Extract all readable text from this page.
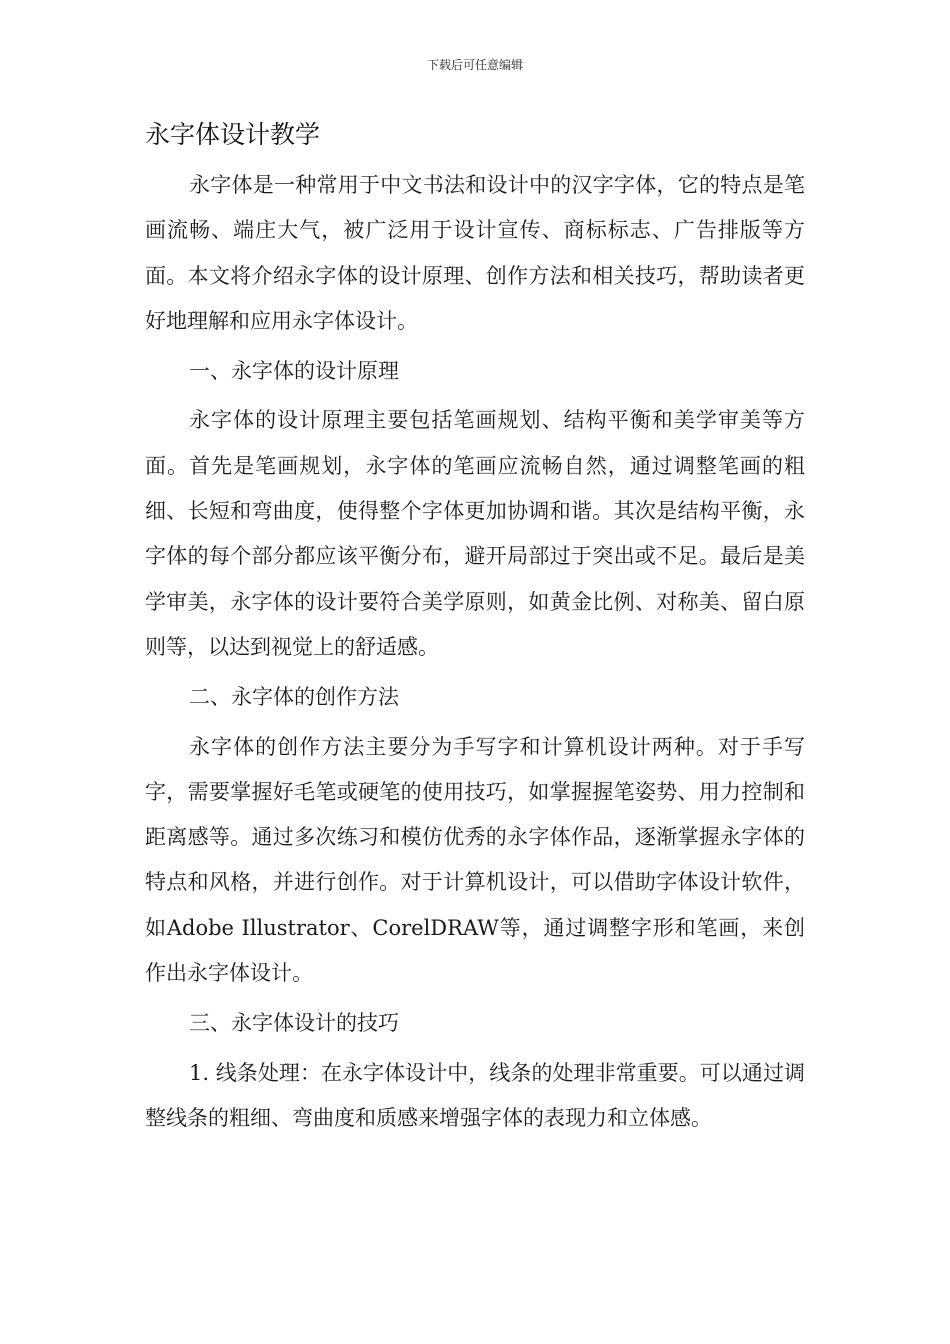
下载后可任意编辑
永字体设计教学

永字体是一种常用于中文书法和设计中的汉字字体，它的特点是笔画流畅、端庄大气，被广泛用于设计宣传、商标标志、广告排版等方面。本文将介绍永字体的设计原理、创作方法和相关技巧，帮助读者更好地理解和应用永字体设计。

一、永字体的设计原理

永字体的设计原理主要包括笔画规划、结构平衡和美学审美等方面。首先是笔画规划，永字体的笔画应流畅自然，通过调整笔画的粗细、长短和弯曲度，使得整个字体更加协调和谐。其次是结构平衡，永字体的每个部分都应该平衡分布，避开局部过于突出或不足。最后是美学审美，永字体的设计要符合美学原则，如黄金比例、对称美、留白原则等，以达到视觉上的舒适感。

二、永字体的创作方法

永字体的创作方法主要分为手写字和计算机设计两种。对于手写字，需要掌握好毛笔或硬笔的使用技巧，如掌握握笔姿势、用力控制和距离感等。通过多次练习和模仿优秀的永字体作品，逐渐掌握永字体的特点和风格，并进行创作。对于计算机设计，可以借助字体设计软件，如Adobe Illustrator、CorelDRAW等，通过调整字形和笔画，来创作出永字体设计。

三、永字体设计的技巧

1. 线条处理：在永字体设计中，线条的处理非常重要。可以通过调整线条的粗细、弯曲度和质感来增强字体的表现力和立体感。
